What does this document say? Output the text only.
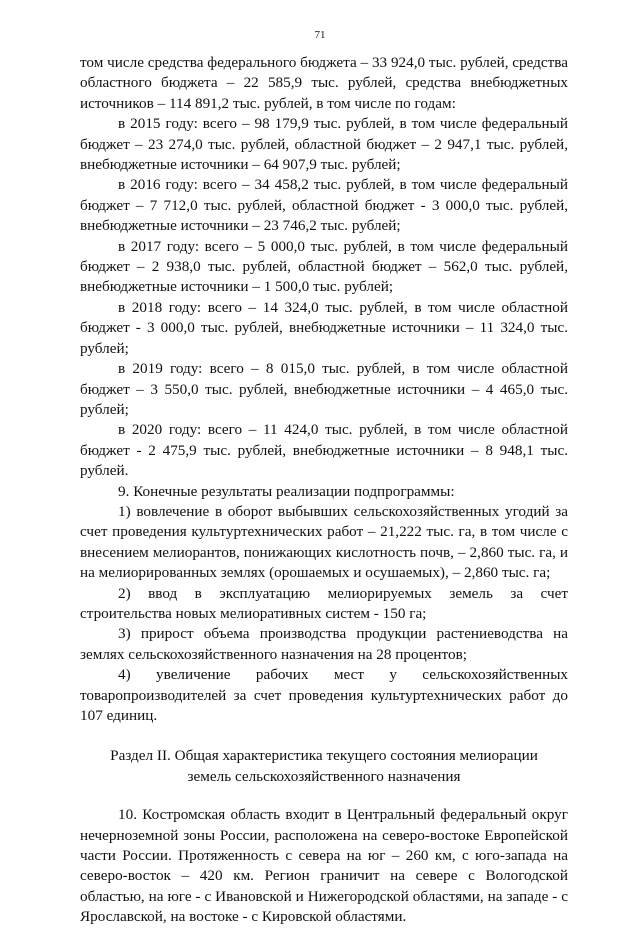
71

том числе средства федерального бюджета – 33 924,0 тыс. рублей, средства областного бюджета – 22 585,9 тыс. рублей, средства внебюджетных источников – 114 891,2 тыс. рублей, в том числе по годам:

в 2015 году: всего – 98 179,9 тыс. рублей, в том числе федеральный бюджет – 23 274,0 тыс. рублей, областной бюджет – 2 947,1 тыс. рублей, внебюджетные источники – 64 907,9 тыс. рублей;

в 2016 году: всего – 34 458,2 тыс. рублей, в том числе федеральный бюджет – 7 712,0 тыс. рублей, областной бюджет - 3 000,0 тыс. рублей, внебюджетные источники – 23 746,2 тыс. рублей;

в 2017 году: всего – 5 000,0 тыс. рублей, в том числе федеральный бюджет – 2 938,0 тыс. рублей, областной бюджет – 562,0 тыс. рублей, внебюджетные источники – 1 500,0 тыс. рублей;

в 2018 году: всего – 14 324,0 тыс. рублей, в том числе областной бюджет - 3 000,0 тыс. рублей, внебюджетные источники – 11 324,0 тыс. рублей;

в 2019 году: всего – 8 015,0 тыс. рублей, в том числе областной бюджет – 3 550,0 тыс. рублей, внебюджетные источники – 4 465,0 тыс. рублей;

в 2020 году: всего – 11 424,0 тыс. рублей, в том числе областной бюджет - 2 475,9 тыс. рублей, внебюджетные источники – 8 948,1 тыс. рублей.

9. Конечные результаты реализации подпрограммы:

1) вовлечение в оборот выбывших сельскохозяйственных угодий за счет проведения культуртехнических работ – 21,222 тыс. га, в том числе с внесением мелиорантов, понижающих кислотность почв, – 2,860 тыс. га, и на мелиорированных землях (орошаемых и осушаемых), – 2,860 тыс. га;

2) ввод в эксплуатацию мелиорируемых земель за счет строительства новых мелиоративных систем - 150 га;

3) прирост объема производства продукции растениеводства на землях сельскохозяйственного назначения на 28 процентов;

4) увеличение рабочих мест у сельскохозяйственных товаропроизводителей за счет проведения культуртехнических работ до 107 единиц.

Раздел II. Общая характеристика текущего состояния мелиорации земель сельскохозяйственного назначения

10. Костромская область входит в Центральный федеральный округ нечерноземной зоны России, расположена на северо-востоке Европейской части России. Протяженность с севера на юг – 260 км, с юго-запада на северо-восток – 420 км. Регион граничит на севере с Вологодской областью, на юге - с Ивановской и Нижегородской областями, на западе - с Ярославской, на востоке - с Кировской областями.
